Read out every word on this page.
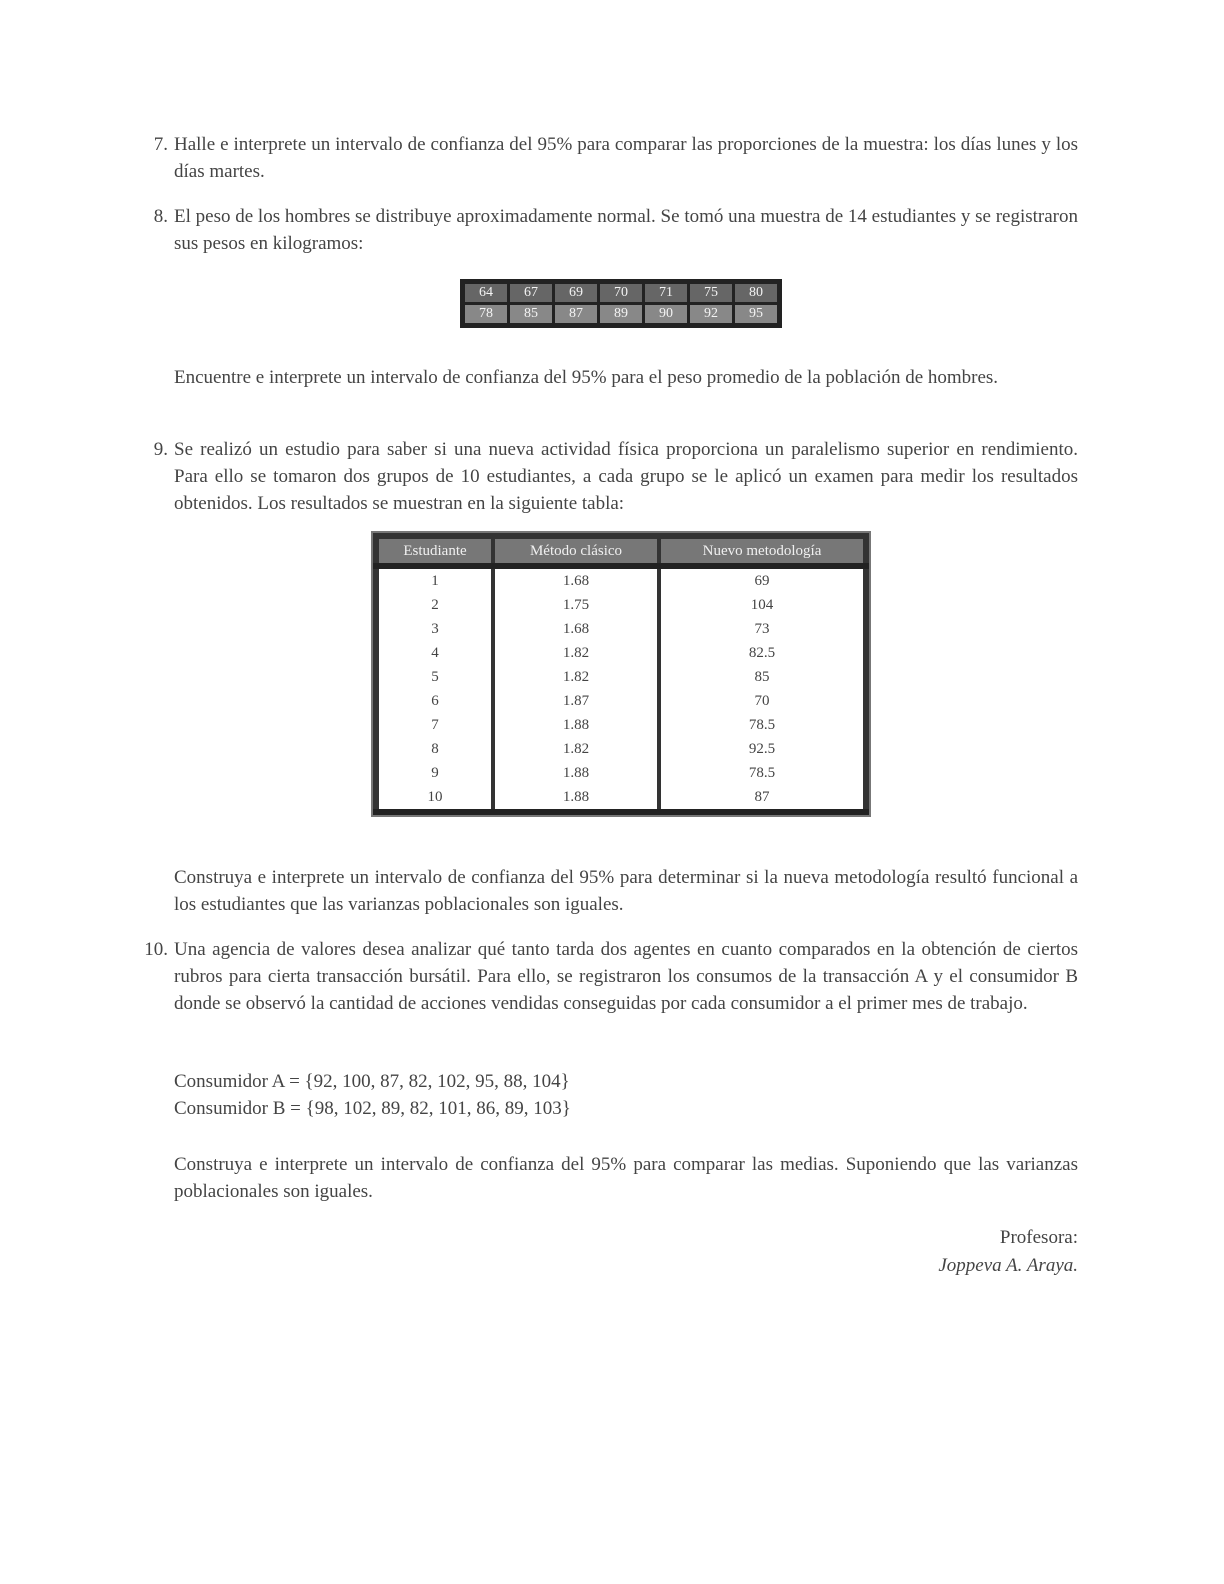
7. Halle e interprete un intervalo de confianza del 95% para comparar las proporciones de la muestra: los días lunes y los días martes.
8. El peso de los hombres se distribuye aproximadamente normal. Se tomó una muestra de 14 estudiantes y se registraron sus pesos en kilogramos:
64	67	69	70	71	75	80
78	85	87	89	90	92	95
Encuentre e interprete un intervalo de confianza del 95% para el peso promedio de la población de hombres.
9. Se realizó un estudio para saber si una nueva actividad física proporciona un paralelismo superior en rendimiento. Para ello se tomaron dos grupos de 10 estudiantes, a cada grupo se le aplicó un examen para medir los resultados obtenidos. Los resultados se muestran en la siguiente tabla:
Estudiante	Método clásico	Nuevo metodología
1	1.68	69
2	1.75	104
3	1.68	73
4	1.82	82.5
5	1.82	85
6	1.87	70
7	1.88	78.5
8	1.82	92.5
9	1.88	78.5
10	1.88	87
Construya e interprete un intervalo de confianza del 95% para determinar si la nueva metodología resultó funcional a los estudiantes que las varianzas poblacionales son iguales.
10. Una agencia de valores desea analizar qué tanto tarda dos agentes en cuanto comparados en la obtención de ciertos rubros para cierta transacción bursátil. Para ello, se registraron los consumos de la transacción A y el consumidor B donde se observó la cantidad de acciones vendidas conseguidas por cada consumidor a el primer mes de trabajo.
Consumidor A = {92, 100, 87, 82, 102, 95, 88, 104}
Consumidor B = {98, 102, 89, 82, 101, 86, 89, 103}
Construya e interprete un intervalo de confianza del 95% para comparar las medias. Suponiendo que las varianzas poblacionales son iguales.
Profesora:
Joppeva A. Araya.
